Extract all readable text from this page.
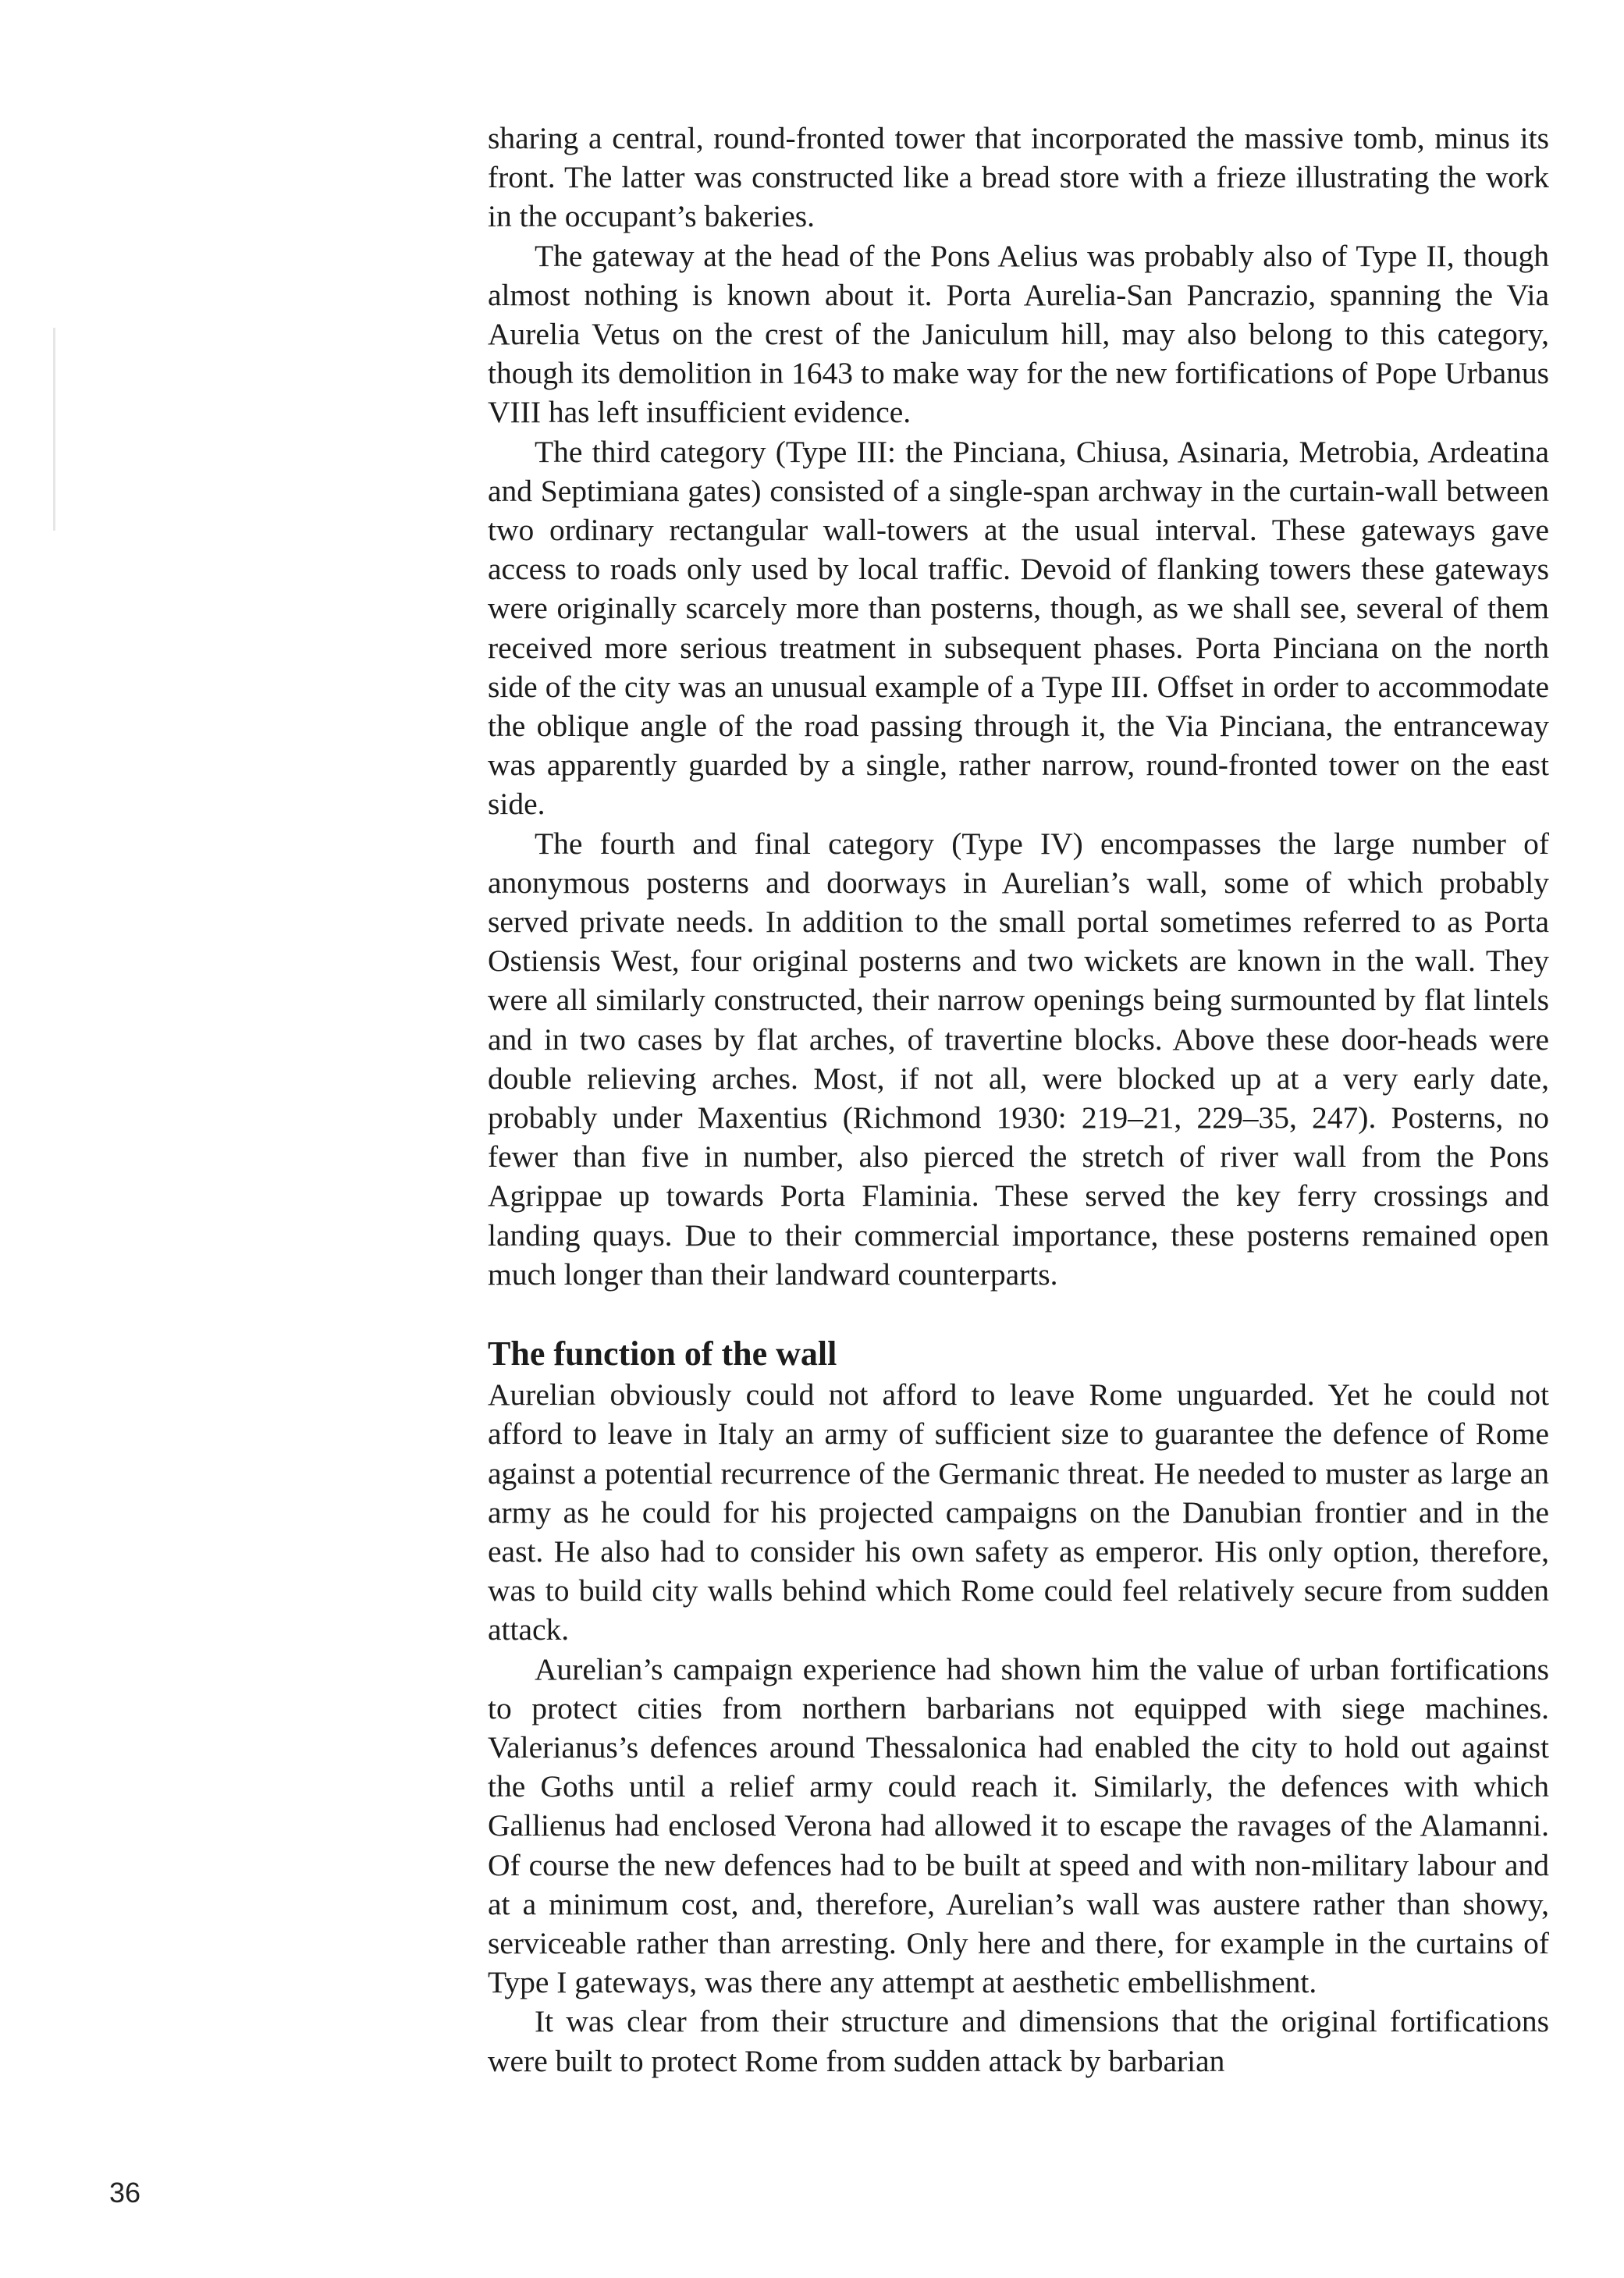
sharing a central, round-fronted tower that incorporated the massive tomb, minus its front. The latter was constructed like a bread store with a frieze illustrating the work in the occupant’s bakeries.

The gateway at the head of the Pons Aelius was probably also of Type II, though almost nothing is known about it. Porta Aurelia-San Pancrazio, spanning the Via Aurelia Vetus on the crest of the Janiculum hill, may also belong to this category, though its demolition in 1643 to make way for the new fortifications of Pope Urbanus VIII has left insufficient evidence.

The third category (Type III: the Pinciana, Chiusa, Asinaria, Metrobia, Ardeatina and Septimiana gates) consisted of a single-span archway in the curtain-wall between two ordinary rectangular wall-towers at the usual interval. These gateways gave access to roads only used by local traffic. Devoid of flanking towers these gateways were originally scarcely more than posterns, though, as we shall see, several of them received more serious treatment in subsequent phases. Porta Pinciana on the north side of the city was an unusual example of a Type III. Offset in order to accommodate the oblique angle of the road passing through it, the Via Pinciana, the entranceway was apparently guarded by a single, rather narrow, round-fronted tower on the east side.

The fourth and final category (Type IV) encompasses the large number of anonymous posterns and doorways in Aurelian’s wall, some of which probably served private needs. In addition to the small portal sometimes referred to as Porta Ostiensis West, four original posterns and two wickets are known in the wall. They were all similarly constructed, their narrow openings being surmounted by flat lintels and in two cases by flat arches, of travertine blocks. Above these door-heads were double relieving arches. Most, if not all, were blocked up at a very early date, probably under Maxentius (Richmond 1930: 219–21, 229–35, 247). Posterns, no fewer than five in number, also pierced the stretch of river wall from the Pons Agrippae up towards Porta Flaminia. These served the key ferry crossings and landing quays. Due to their commercial importance, these posterns remained open much longer than their landward counterparts.

The function of the wall

Aurelian obviously could not afford to leave Rome unguarded. Yet he could not afford to leave in Italy an army of sufficient size to guarantee the defence of Rome against a potential recurrence of the Germanic threat. He needed to muster as large an army as he could for his projected campaigns on the Danubian frontier and in the east. He also had to consider his own safety as emperor. His only option, therefore, was to build city walls behind which Rome could feel relatively secure from sudden attack.

Aurelian’s campaign experience had shown him the value of urban fortifications to protect cities from northern barbarians not equipped with siege machines. Valerianus’s defences around Thessalonica had enabled the city to hold out against the Goths until a relief army could reach it. Similarly, the defences with which Gallienus had enclosed Verona had allowed it to escape the ravages of the Alamanni. Of course the new defences had to be built at speed and with non-military labour and at a minimum cost, and, therefore, Aurelian’s wall was austere rather than showy, serviceable rather than arresting. Only here and there, for example in the curtains of Type I gateways, was there any attempt at aesthetic embellishment.

It was clear from their structure and dimensions that the original fortifications were built to protect Rome from sudden attack by barbarian

36
